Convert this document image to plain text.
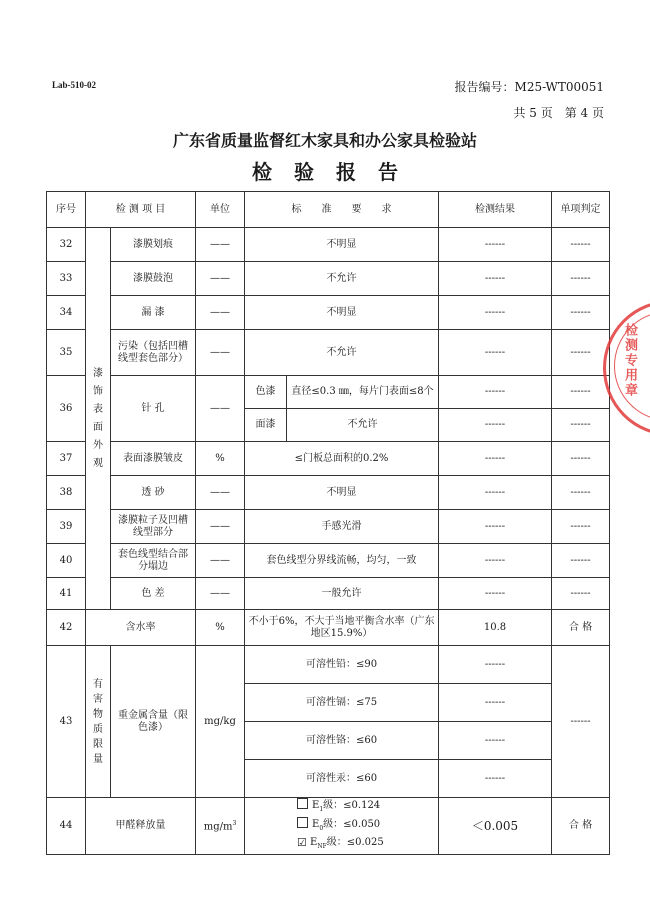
Lab-510-02	报告编号：M25-WT00051
共 5 页　第 4 页
广东省质量监督红木家具和办公家具检验站
检验报告
序号	检 测 项 目		单位	标　　准　　要　　求		检测结果	单项判定
32	漆饰表面外观	漆膜划痕	——	不明显		------	------
33		漆膜鼓泡	——	不允许		------	------
34		漏 漆	——	不明显		------	------
35		污染（包括凹槽线型套色部分）	——	不允许		------	------
36		针 孔	——	色漆	直径≤0.3 ㎜，每片门表面≤8个	------	------
				面漆	不允许	------	------
37		表面漆膜皱皮	%	≤门板总面积的0.2%		------	------
38		透 砂	——	不明显		------	------
39		漆膜粒子及凹槽线型部分	——	手感光滑		------	------
40		套色线型结合部分塌边	——	套色线型分界线流畅，均匀，一致		------	------
41		色 差	——	一般允许		------	------
42	含水率		%	不小于6%，不大于当地平衡含水率（广东地区15.9%）		10.8	合 格
43	有害物质限量	重金属含量（限色漆）	mg/kg	可溶性铅：≤90		------	------
				可溶性镉：≤75		------	
				可溶性铬：≤60		------	
				可溶性汞：≤60		------	
44	甲醛释放量		$mg/m^3$	$E_1$级：≤0.124
$E_0$级：≤0.050
☑ $E_{NF}$级：≤0.025		＜0.005	合 格
检测专用章
